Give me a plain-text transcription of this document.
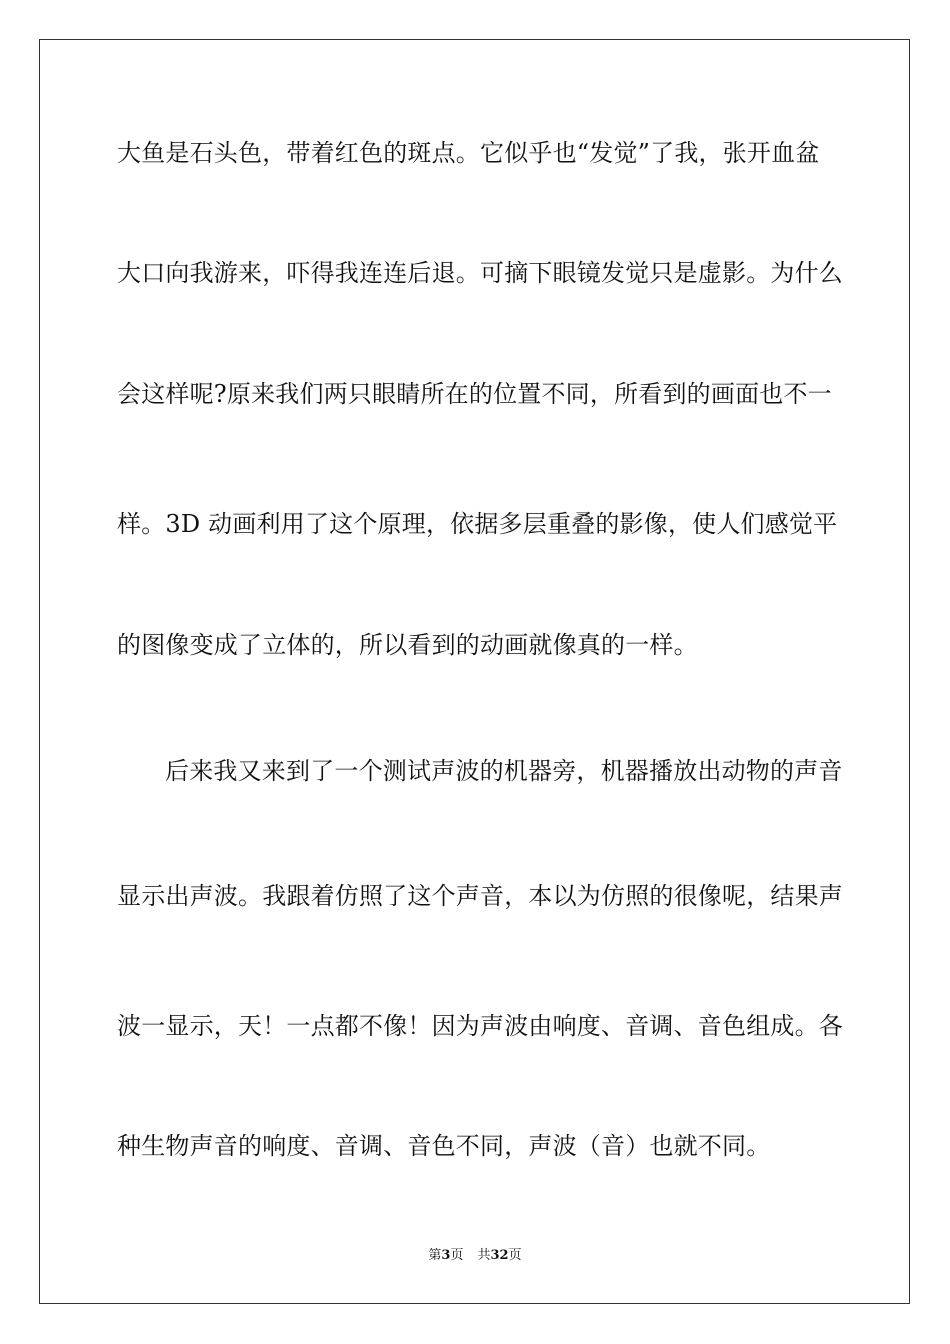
大鱼是石头色，带着红色的斑点。它似乎也“发觉”了我，张开血盆
大口向我游来，吓得我连连后退。可摘下眼镜发觉只是虚影。为什么
会这样呢?原来我们两只眼睛所在的位置不同，所看到的画面也不一
样。3D 动画利用了这个原理，依据多层重叠的影像，使人们感觉平
的图像变成了立体的，所以看到的动画就像真的一样。
后来我又来到了一个测试声波的机器旁，机器播放出动物的声音
显示出声波。我跟着仿照了这个声音，本以为仿照的很像呢，结果声
波一显示，天！一点都不像！因为声波由响度、音调、音色组成。各
种生物声音的响度、音调、音色不同，声波（音）也就不同。
第3页 共32页
